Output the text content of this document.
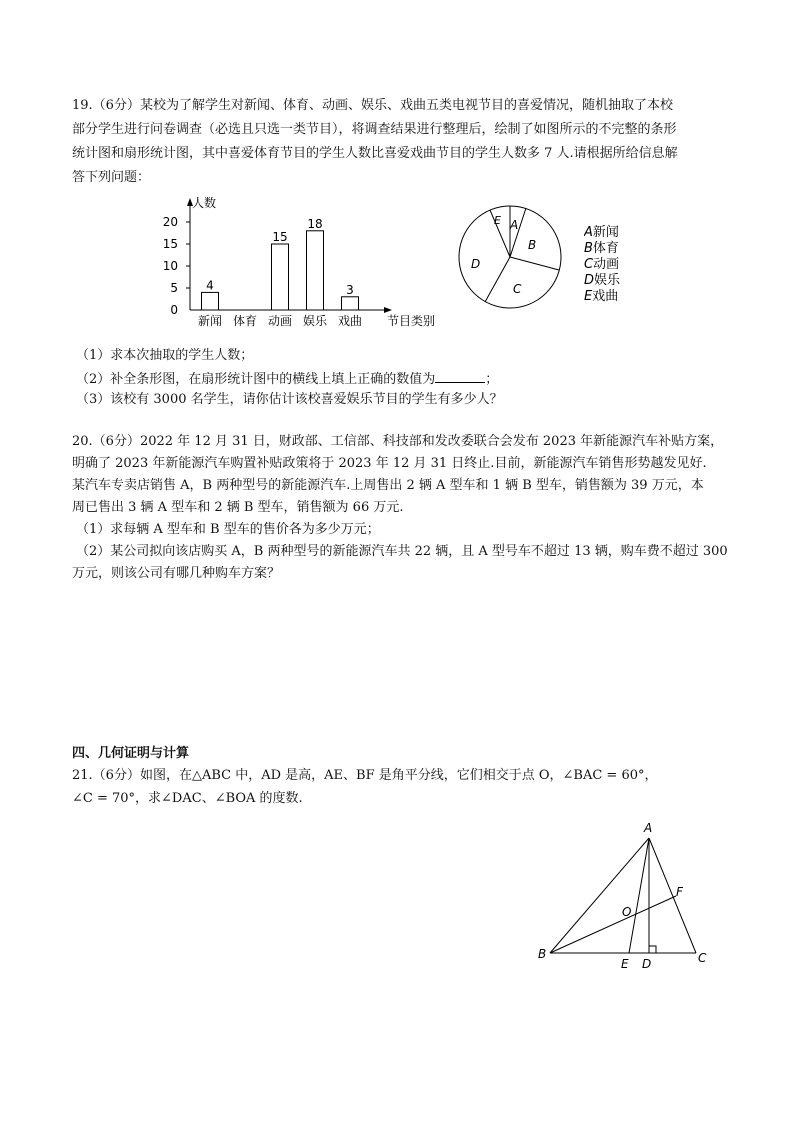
19.（6分）某校为了解学生对新闻、体育、动画、娱乐、戏曲五类电视节目的喜爱情况，随机抽取了本校
部分学生进行问卷调查（必选且只选一类节目），将调查结果进行整理后，绘制了如图所示的不完整的条形
统计图和扇形统计图，其中喜爱体育节目的学生人数比喜爱戏曲节目的学生人数多 7 人.请根据所给信息解
答下列问题：
0
5
10
15
20
新闻
4
体育 动画
15
娱乐
18
戏曲
3
人数
节目类别
E A
B
C
D
A新闻
B体育
C动画
D娱乐
E戏曲
（1）求本次抽取的学生人数；
（2）补全条形图，在扇形统计图中的横线上填上正确的数值为	；
（3）该校有 3000 名学生，请你估计该校喜爱娱乐节目的学生有多少人？
20.（6分）2022 年 12 月 31 日，财政部、工信部、科技部和发改委联合会发布 2023 年新能源汽车补贴方案，
明确了 2023 年新能源汽车购置补贴政策将于 2023 年 12 月 31 日终止.目前，新能源汽车销售形势越发见好.
某汽车专卖店销售 A，B 两种型号的新能源汽车.上周售出 2 辆 A 型车和 1 辆 B 型车，销售额为 39 万元，本
周已售出 3 辆 A 型车和 2 辆 B 型车，销售额为 66 万元.
（1）求每辆 A 型车和 B 型车的售价各为多少万元；
（2）某公司拟向该店购买 A，B 两种型号的新能源汽车共 22 辆，且 A 型号车不超过 13 辆，购车费不超过 300
万元，则该公司有哪几种购车方案？
四、几何证明与计算
21.（6分）如图，在△ABC 中，AD 是高，AE、BF 是角平分线，它们相交于点 O，∠BAC = 60°，
∠C = 70°，求∠DAC、∠BOA 的度数.
A
B	C
D
E
F
O
